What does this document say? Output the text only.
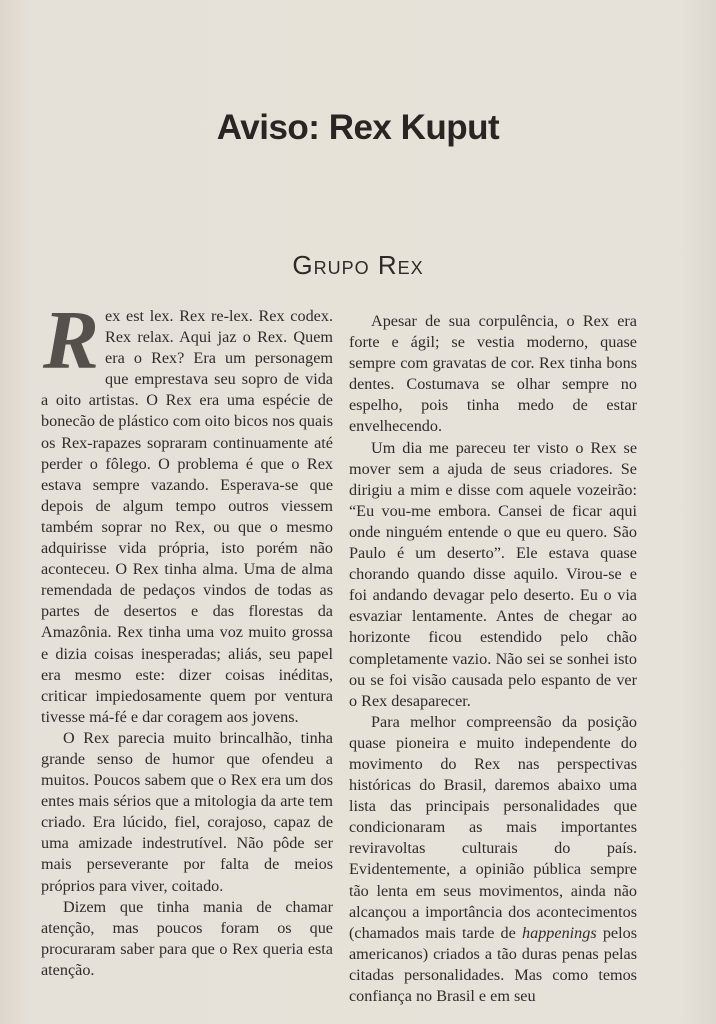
Aviso: Rex Kuput
Grupo Rex

Rex est lex. Rex re-lex. Rex codex. Rex relax. Aqui jaz o Rex. Quem era o Rex? Era um personagem que emprestava seu sopro de vida a oito artistas. O Rex era uma espécie de bonecão de plástico com oito bicos nos quais os Rex-rapazes sopraram continuamente até perder o fôlego. O problema é que o Rex estava sempre vazando. Esperava-se que depois de algum tempo outros viessem também soprar no Rex, ou que o mesmo adquirisse vida própria, isto porém não aconteceu. O Rex tinha alma. Uma de alma remendada de pedaços vindos de todas as partes de desertos e das florestas da Amazônia. Rex tinha uma voz muito grossa e dizia coisas inesperadas; aliás, seu papel era mesmo este: dizer coisas inéditas, criticar impiedosamente quem por ventura tivesse má-fé e dar coragem aos jovens.

O Rex parecia muito brincalhão, tinha grande senso de humor que ofendeu a muitos. Poucos sabem que o Rex era um dos entes mais sérios que a mitologia da arte tem criado. Era lúcido, fiel, corajoso, capaz de uma amizade indestrutível. Não pôde ser mais perseverante por falta de meios próprios para viver, coitado.

Dizem que tinha mania de chamar atenção, mas poucos foram os que procuraram saber para que o Rex queria esta atenção.

Apesar de sua corpulência, o Rex era forte e ágil; se vestia moderno, quase sempre com gravatas de cor. Rex tinha bons dentes. Costumava se olhar sempre no espelho, pois tinha medo de estar envelhecendo.

Um dia me pareceu ter visto o Rex se mover sem a ajuda de seus criadores. Se dirigiu a mim e disse com aquele vozeirão: “Eu vou-me embora. Cansei de ficar aqui onde ninguém entende o que eu quero. São Paulo é um deserto”. Ele estava quase chorando quando disse aquilo. Virou-se e foi andando devagar pelo deserto. Eu o via esvaziar lentamente. Antes de chegar ao horizonte ficou estendido pelo chão completamente vazio. Não sei se sonhei isto ou se foi visão causada pelo espanto de ver o Rex desaparecer.

Para melhor compreensão da posição quase pioneira e muito independente do movimento do Rex nas perspectivas históricas do Brasil, daremos abaixo uma lista das principais personalidades que condicionaram as mais importantes reviravoltas culturais do país. Evidentemente, a opinião pública sempre tão lenta em seus movimentos, ainda não alcançou a importância dos acontecimentos (chamados mais tarde de happenings pelos americanos) criados a tão duras penas pelas citadas personalidades. Mas como temos confiança no Brasil e em seu
